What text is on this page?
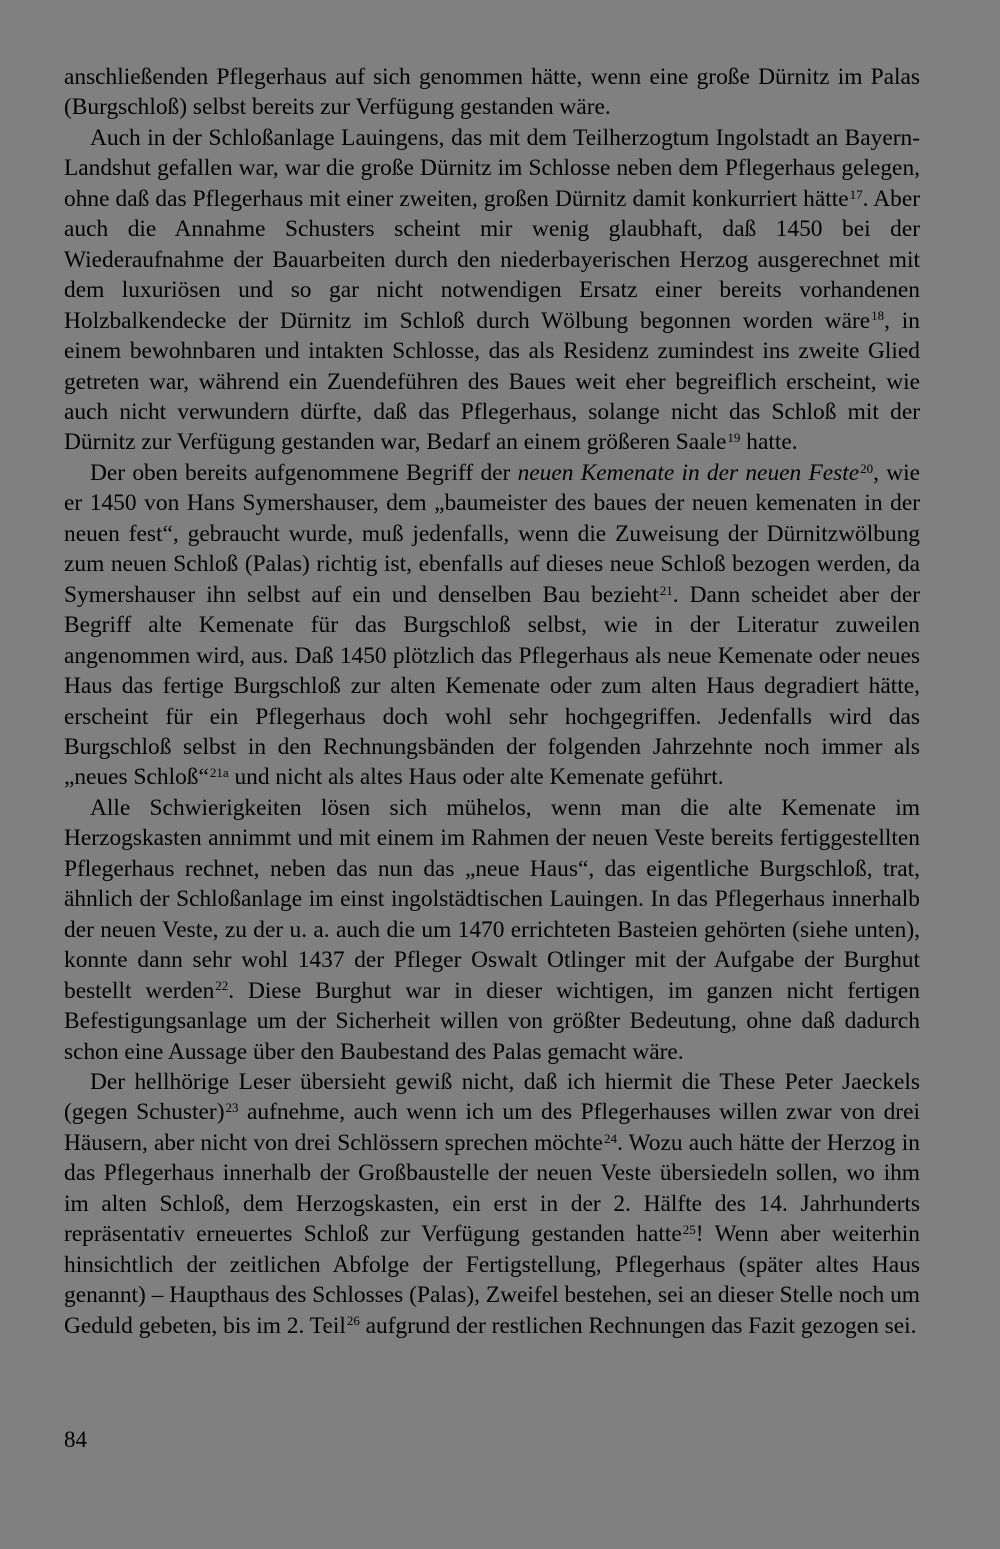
anschließenden Pflegerhaus auf sich genommen hätte, wenn eine große Dürnitz im Palas (Burgschloß) selbst bereits zur Verfügung gestanden wäre.

Auch in der Schloßanlage Lauingens, das mit dem Teilherzogtum Ingolstadt an Bayern-Landshut gefallen war, war die große Dürnitz im Schlosse neben dem Pflegerhaus gelegen, ohne daß das Pflegerhaus mit einer zweiten, großen Dürnitz damit konkurriert hätte$^{17}$. Aber auch die Annahme Schusters scheint mir wenig glaubhaft, daß 1450 bei der Wiederaufnahme der Bauarbeiten durch den niederbayerischen Herzog ausgerechnet mit dem luxuriösen und so gar nicht notwendigen Ersatz einer bereits vorhandenen Holzbalkendecke der Dürnitz im Schloß durch Wölbung begonnen worden wäre$^{18}$, in einem bewohnbaren und intakten Schlosse, das als Residenz zumindest ins zweite Glied getreten war, während ein Zuendeführen des Baues weit eher begreiflich erscheint, wie auch nicht verwundern dürfte, daß das Pflegerhaus, solange nicht das Schloß mit der Dürnitz zur Verfügung gestanden war, Bedarf an einem größeren Saale$^{19}$ hatte.

Der oben bereits aufgenommene Begriff der neuen Kemenate in der neuen Feste$^{20}$, wie er 1450 von Hans Symershauser, dem „baumeister des baues der neuen kemenaten in der neuen fest“, gebraucht wurde, muß jedenfalls, wenn die Zuweisung der Dürnitzwölbung zum neuen Schloß (Palas) richtig ist, ebenfalls auf dieses neue Schloß bezogen werden, da Symershauser ihn selbst auf ein und denselben Bau bezieht$^{21}$. Dann scheidet aber der Begriff alte Kemenate für das Burgschloß selbst, wie in der Literatur zuweilen angenommen wird, aus. Daß 1450 plötzlich das Pflegerhaus als neue Kemenate oder neues Haus das fertige Burgschloß zur alten Kemenate oder zum alten Haus degradiert hätte, erscheint für ein Pflegerhaus doch wohl sehr hochgegriffen. Jedenfalls wird das Burgschloß selbst in den Rechnungsbänden der folgenden Jahrzehnte noch immer als „neues Schloß“$^{21a}$ und nicht als altes Haus oder alte Kemenate geführt.

Alle Schwierigkeiten lösen sich mühelos, wenn man die alte Kemenate im Herzogskasten annimmt und mit einem im Rahmen der neuen Veste bereits fertiggestellten Pflegerhaus rechnet, neben das nun das „neue Haus“, das eigentliche Burgschloß, trat, ähnlich der Schloßanlage im einst ingolstädtischen Lauingen. In das Pflegerhaus innerhalb der neuen Veste, zu der u. a. auch die um 1470 errichteten Basteien gehörten (siehe unten), konnte dann sehr wohl 1437 der Pfleger Oswalt Otlinger mit der Aufgabe der Burghut bestellt werden$^{22}$. Diese Burghut war in dieser wichtigen, im ganzen nicht fertigen Befestigungsanlage um der Sicherheit willen von größter Bedeutung, ohne daß dadurch schon eine Aussage über den Baubestand des Palas gemacht wäre.

Der hellhörige Leser übersieht gewiß nicht, daß ich hiermit die These Peter Jaeckels (gegen Schuster)$^{23}$ aufnehme, auch wenn ich um des Pflegerhauses willen zwar von drei Häusern, aber nicht von drei Schlössern sprechen möchte$^{24}$. Wozu auch hätte der Herzog in das Pflegerhaus innerhalb der Großbaustelle der neuen Veste übersiedeln sollen, wo ihm im alten Schloß, dem Herzogskasten, ein erst in der 2. Hälfte des 14. Jahrhunderts repräsentativ erneuertes Schloß zur Verfügung gestanden hatte$^{25}$! Wenn aber weiterhin hinsichtlich der zeitlichen Abfolge der Fertigstellung, Pflegerhaus (später altes Haus genannt) – Haupthaus des Schlosses (Palas), Zweifel bestehen, sei an dieser Stelle noch um Geduld gebeten, bis im 2. Teil$^{26}$ aufgrund der restlichen Rechnungen das Fazit gezogen sei.

84
